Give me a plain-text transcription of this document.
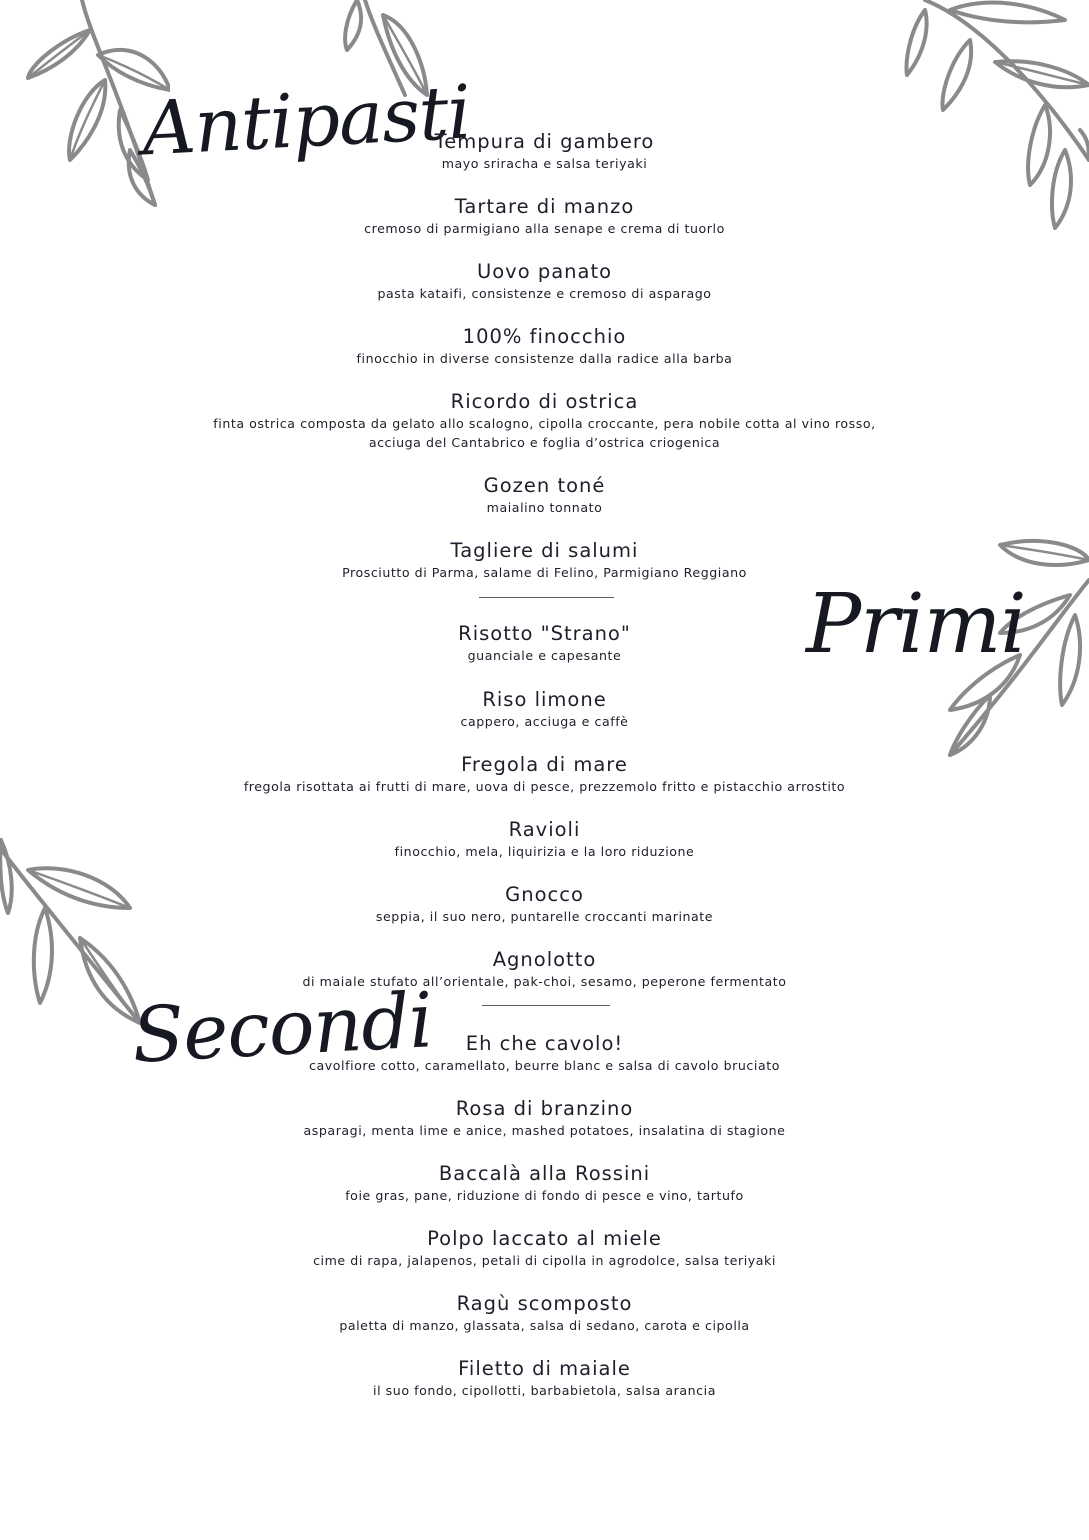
Antipasti
Primi
Secondi
Tempura di gambero
mayo sriracha e salsa teriyaki
Tartare di manzo
cremoso di parmigiano alla senape e crema di tuorlo
Uovo panato
pasta kataifi, consistenze e cremoso di asparago
100% finocchio
finocchio in diverse consistenze dalla radice alla barba
Ricordo di ostrica
finta ostrica composta da gelato allo scalogno, cipolla croccante, pera nobile cotta al vino rosso,
acciuga del Cantabrico e foglia d’ostrica criogenica
Gozen toné
maialino tonnato
Tagliere di salumi
Prosciutto di Parma, salame di Felino, Parmigiano Reggiano
Risotto "Strano"
guanciale e capesante
Riso limone
cappero, acciuga e caffè
Fregola di mare
fregola risottata ai frutti di mare, uova di pesce, prezzemolo fritto e pistacchio arrostito
Ravioli
finocchio, mela, liquirizia e la loro riduzione
Gnocco
seppia, il suo nero, puntarelle croccanti marinate
Agnolotto
di maiale stufato all’orientale, pak-choi, sesamo, peperone fermentato
Eh che cavolo!
cavolfiore cotto, caramellato, beurre blanc e salsa di cavolo bruciato
Rosa di branzino
asparagi, menta lime e anice, mashed potatoes, insalatina di stagione
Baccalà alla Rossini
foie gras, pane, riduzione di fondo di pesce e vino, tartufo
Polpo laccato al miele
cime di rapa, jalapenos, petali di cipolla in agrodolce, salsa teriyaki
Ragù scomposto
paletta di manzo, glassata, salsa di sedano, carota e cipolla
Filetto di maiale
il suo fondo, cipollotti, barbabietola, salsa arancia
